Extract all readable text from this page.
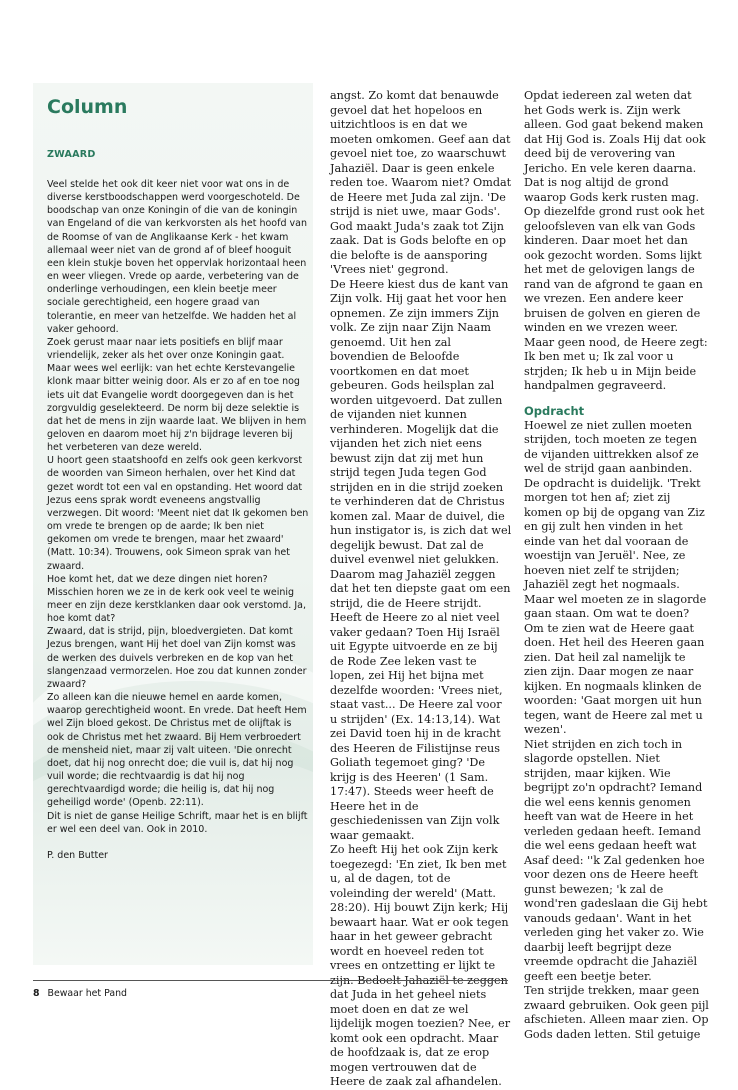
Column
ZWAARD

Veel stelde het ook dit keer niet voor wat ons in de diverse kerstboodschappen werd voorgeschoteld. De boodschap van onze Koningin of die van de koningin van Engeland of die van kerkvorsten als het hoofd van de Roomse of van de Anglikaanse Kerk - het kwam allemaal weer niet van de grond af of bleef hooguit een klein stukje boven het oppervlak horizontaal heen en weer vliegen. Vrede op aarde, verbetering van de onderlinge verhoudingen, een klein beetje meer sociale gerechtigheid, een hogere graad van tolerantie, en meer van hetzelfde. We hadden het al vaker gehoord.

Zoek gerust maar naar iets positiefs en blijf maar vriendelijk, zeker als het over onze Koningin gaat.

Maar wees wel eerlijk: van het echte Kerstevangelie klonk maar bitter weinig door. Als er zo af en toe nog iets uit dat Evangelie wordt doorgegeven dan is het zorgvuldig geselekteerd. De norm bij deze selektie is dat het de mens in zijn waarde laat. We blijven in hem geloven en daarom moet hij z'n bijdrage leveren bij het verbeteren van deze wereld.

U hoort geen staatshoofd en zelfs ook geen kerkvorst de woorden van Simeon herhalen, over het Kind dat gezet wordt tot een val en opstanding. Het woord dat Jezus eens sprak wordt eveneens angstvallig verzwegen. Dit woord: 'Meent niet dat Ik gekomen ben om vrede te brengen op de aarde; Ik ben niet gekomen om vrede te brengen, maar het zwaard' (Matt. 10:34). Trouwens, ook Simeon sprak van het zwaard.

Hoe komt het, dat we deze dingen niet horen? Misschien horen we ze in de kerk ook veel te weinig meer en zijn deze kerstklanken daar ook verstomd. Ja, hoe komt dat?

Zwaard, dat is strijd, pijn, bloedvergieten. Dat komt Jezus brengen, want Hij het doel van Zijn komst was de werken des duivels verbreken en de kop van het slangenzaad vermorzelen. Hoe zou dat kunnen zonder zwaard?

Zo alleen kan die nieuwe hemel en aarde komen, waarop gerechtigheid woont. En vrede. Dat heeft Hem wel Zijn bloed gekost. De Christus met de olijftak is ook de Christus met het zwaard. Bij Hem verbroedert de mensheid niet, maar zij valt uiteen. 'Die onrecht doet, dat hij nog onrecht doe; die vuil is, dat hij nog vuil worde; die rechtvaardig is dat hij nog gerechtvaardigd worde; die heilig is, dat hij nog geheiligd worde' (Openb. 22:11).

Dit is niet de ganse Heilige Schrift, maar het is en blijft er wel een deel van. Ook in 2010.

P. den Butter

angst. Zo komt dat benauwde gevoel dat het hopeloos en uitzichtloos is en dat we moeten omkomen. Geef aan dat gevoel niet toe, zo waarschuwt Jahaziël. Daar is geen enkele reden toe. Waarom niet? Omdat de Heere met Juda zal zijn. 'De strijd is niet uwe, maar Gods'. God maakt Juda's zaak tot Zijn zaak. Dat is Gods belofte en op die belofte is de aansporing 'Vrees niet' gegrond.

De Heere kiest dus de kant van Zijn volk. Hij gaat het voor hen opnemen. Ze zijn immers Zijn volk. Ze zijn naar Zijn Naam genoemd. Uit hen zal bovendien de Beloofde voortkomen en dat moet gebeuren. Gods heilsplan zal worden uitgevoerd. Dat zullen de vijanden niet kunnen verhinderen. Mogelijk dat die vijanden het zich niet eens bewust zijn dat zij met hun strijd tegen Juda tegen God strijden en in die strijd zoeken te verhinderen dat de Christus komen zal. Maar de duivel, die hun instigator is, is zich dat wel degelijk bewust. Dat zal de duivel evenwel niet gelukken. Daarom mag Jahaziël zeggen dat het ten diepste gaat om een strijd, die de Heere strijdt.

Heeft de Heere zo al niet veel vaker gedaan? Toen Hij Israël uit Egypte uitvoerde en ze bij de Rode Zee leken vast te lopen, zei Hij het bijna met dezelfde woorden: 'Vrees niet, staat vast... De Heere zal voor u strijden' (Ex. 14:13,14). Wat zei David toen hij in de kracht des Heeren de Filistijnse reus Goliath tegemoet ging? 'De krijg is des Heeren' (1 Sam. 17:47). Steeds weer heeft de Heere het in de geschiedenissen van Zijn volk waar gemaakt.

Zo heeft Hij het ook Zijn kerk toegezegd: 'En ziet, Ik ben met u, al de dagen, tot de voleinding der wereld' (Matt. 28:20). Hij bouwt Zijn kerk; Hij bewaart haar. Wat er ook tegen haar in het geweer gebracht wordt en hoeveel reden tot vrees en ontzetting er lijkt te zijn. Bedoelt Jahaziël te zeggen dat Juda in het geheel niets moet doen en dat ze wel lijdelijk mogen toezien? Nee, er komt ook een opdracht. Maar de hoofdzaak is, dat ze erop mogen vertrouwen dat de Heere de zaak zal afhandelen.

Opdat iedereen zal weten dat het Gods werk is. Zijn werk alleen. God gaat bekend maken dat Hij God is. Zoals Hij dat ook deed bij de verovering van Jericho. En vele keren daarna.

Dat is nog altijd de grond waarop Gods kerk rusten mag. Op diezelfde grond rust ook het geloofsleven van elk van Gods kinderen. Daar moet het dan ook gezocht worden. Soms lijkt het met de gelovigen langs de rand van de afgrond te gaan en we vrezen. Een andere keer bruisen de golven en gieren de winden en we vrezen weer. Maar geen nood, de Heere zegt: Ik ben met u; Ik zal voor u strjden; Ik heb u in Mijn beide handpalmen gegraveerd.

Opdracht

Hoewel ze niet zullen moeten strijden, toch moeten ze tegen de vijanden uittrekken alsof ze wel de strijd gaan aanbinden. De opdracht is duidelijk. 'Trekt morgen tot hen af; ziet zij komen op bij de opgang van Ziz en gij zult hen vinden in het einde van het dal vooraan de woestijn van Jeruël'. Nee, ze hoeven niet zelf te strijden; Jahaziël zegt het nogmaals. Maar wel moeten ze in slagorde gaan staan. Om wat te doen?

Om te zien wat de Heere gaat doen. Het heil des Heeren gaan zien. Dat heil zal namelijk te zien zijn. Daar mogen ze naar kijken. En nogmaals klinken de woorden: 'Gaat morgen uit hun tegen, want de Heere zal met u wezen'.

Niet strijden en zich toch in slagorde opstellen. Niet strijden, maar kijken. Wie begrijpt zo'n opdracht? Iemand die wel eens kennis genomen heeft van wat de Heere in het verleden gedaan heeft. Iemand die wel eens gedaan heeft wat Asaf deed: ''k Zal gedenken hoe voor dezen ons de Heere heeft gunst bewezen; 'k zal de wond'ren gadeslaan die Gij hebt vanouds gedaan'. Want in het verleden ging het vaker zo. Wie daarbij leeft begrijpt deze vreemde opdracht die Jahaziël geeft een beetje beter.

Ten strijde trekken, maar geen zwaard gebruiken. Ook geen pijl afschieten. Alleen maar zien. Op Gods daden letten. Stil getuige

8 Bewaar het Pand
